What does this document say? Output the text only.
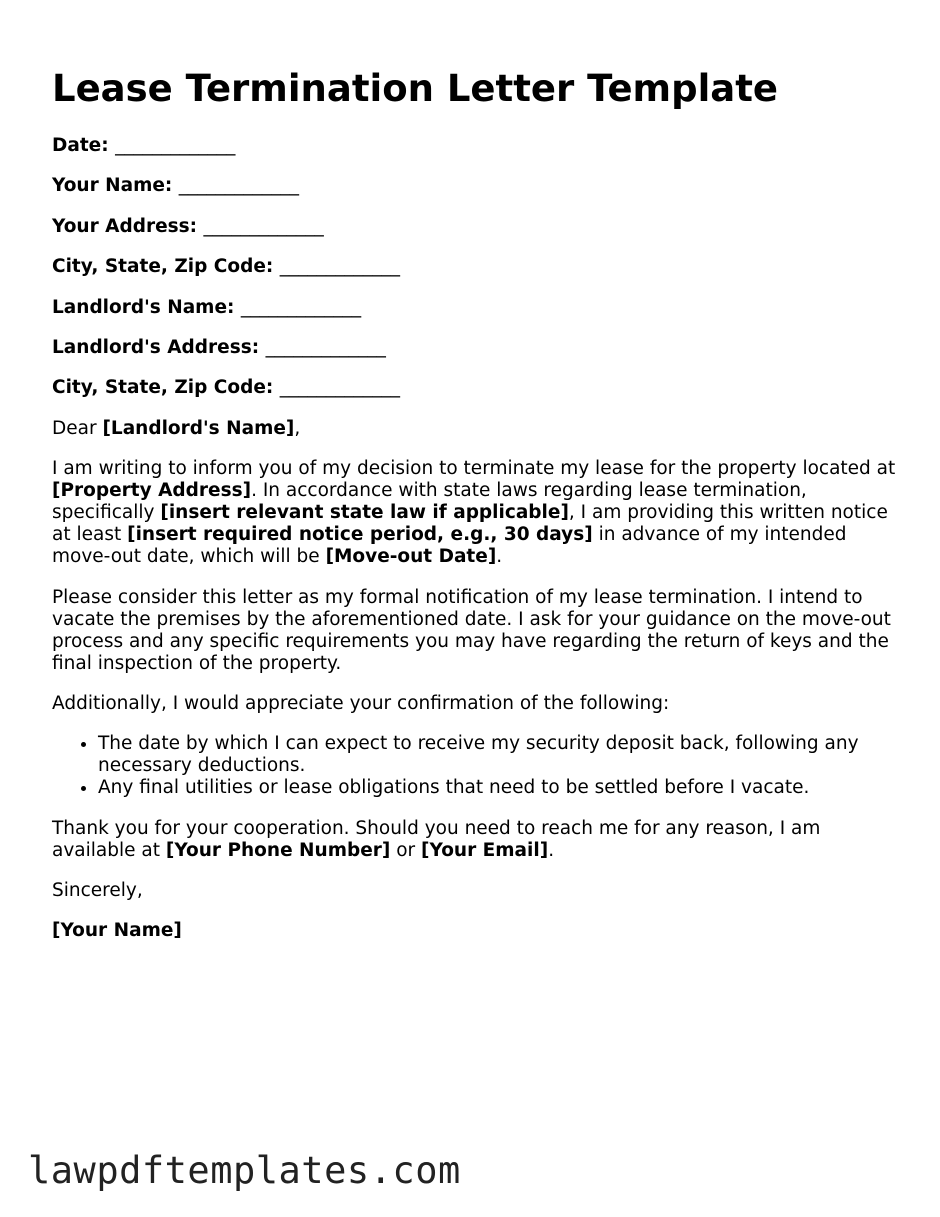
Lease Termination Letter Template
Date: _____________
Your Name: _____________
Your Address: _____________
City, State, Zip Code: _____________
Landlord's Name: _____________
Landlord's Address: _____________
City, State, Zip Code: _____________

Dear [Landlord's Name],

I am writing to inform you of my decision to terminate my lease for the property located at [Property Address]. In accordance with state laws regarding lease termination, specifically [insert relevant state law if applicable], I am providing this written notice at least [insert required notice period, e.g., 30 days] in advance of my intended move-out date, which will be [Move-out Date].

Please consider this letter as my formal notification of my lease termination. I intend to vacate the premises by the aforementioned date. I ask for your guidance on the move-out process and any specific requirements you may have regarding the return of keys and the final inspection of the property.

Additionally, I would appreciate your confirmation of the following:

• The date by which I can expect to receive my security deposit back, following any necessary deductions.
• Any final utilities or lease obligations that need to be settled before I vacate.

Thank you for your cooperation. Should you need to reach me for any reason, I am available at [Your Phone Number] or [Your Email].

Sincerely,

[Your Name]

lawpdftemplates.com
